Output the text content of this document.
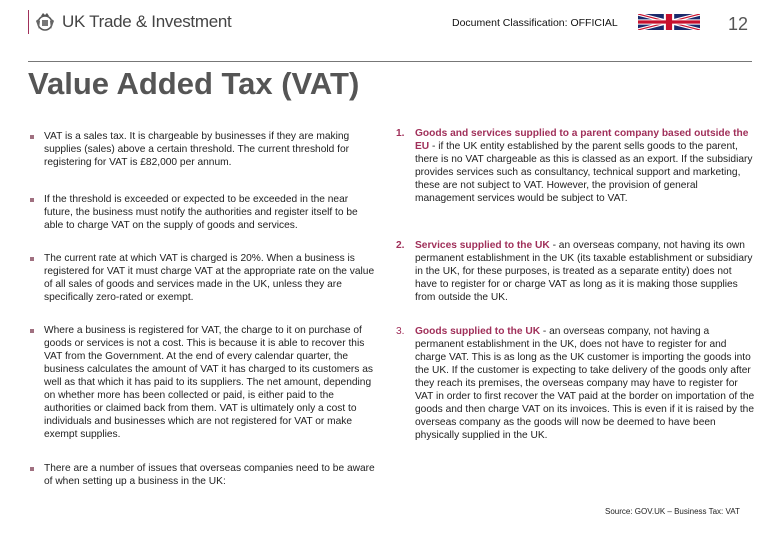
UK Trade & Investment	Document Classification: OFFICIAL	12
Value Added Tax (VAT)
VAT is a sales tax. It is chargeable by businesses if they are making supplies (sales) above a certain threshold. The current threshold for registering for VAT is £82,000 per annum.
If the threshold is exceeded or expected to be exceeded in the near future, the business must notify the authorities and register itself to be able to charge VAT on the supply of goods and services.
The current rate at which VAT is charged is 20%. When a business is registered for VAT it must charge VAT at the appropriate rate on the value of all sales of goods and services made in the UK, unless they are specifically zero-rated or exempt.
Where a business is registered for VAT, the charge to it on purchase of goods or services is not a cost. This is because it is able to recover this VAT from the Government. At the end of every calendar quarter, the business calculates the amount of VAT it has charged to its customers as well as that which it has paid to its suppliers. The net amount, depending on whether more has been collected or paid, is either paid to the authorities or claimed back from them. VAT is ultimately only a cost to individuals and businesses which are not registered for VAT or make exempt supplies.
There are a number of issues that overseas companies need to be aware of when setting up a business in the UK:
1. Goods and services supplied to a parent company based outside the EU - if the UK entity established by the parent sells goods to the parent, there is no VAT chargeable as this is classed as an export. If the subsidiary provides services such as consultancy, technical support and marketing, these are not subject to VAT. However, the provision of general management services would be subject to VAT.
2. Services supplied to the UK - an overseas company, not having its own permanent establishment in the UK (its taxable establishment or subsidiary in the UK, for these purposes, is treated as a separate entity) does not have to register for or charge VAT as long as it is making those supplies from outside the UK.
3. Goods supplied to the UK - an overseas company, not having a permanent establishment in the UK, does not have to register for and charge VAT. This is as long as the UK customer is importing the goods into the UK. If the customer is expecting to take delivery of the goods only after they reach its premises, the overseas company may have to register for VAT in order to first recover the VAT paid at the border on importation of the goods and then charge VAT on its invoices. This is even if it is raised by the overseas company as the goods will now be deemed to have been physically supplied in the UK.
Source: GOV.UK – Business Tax: VAT
